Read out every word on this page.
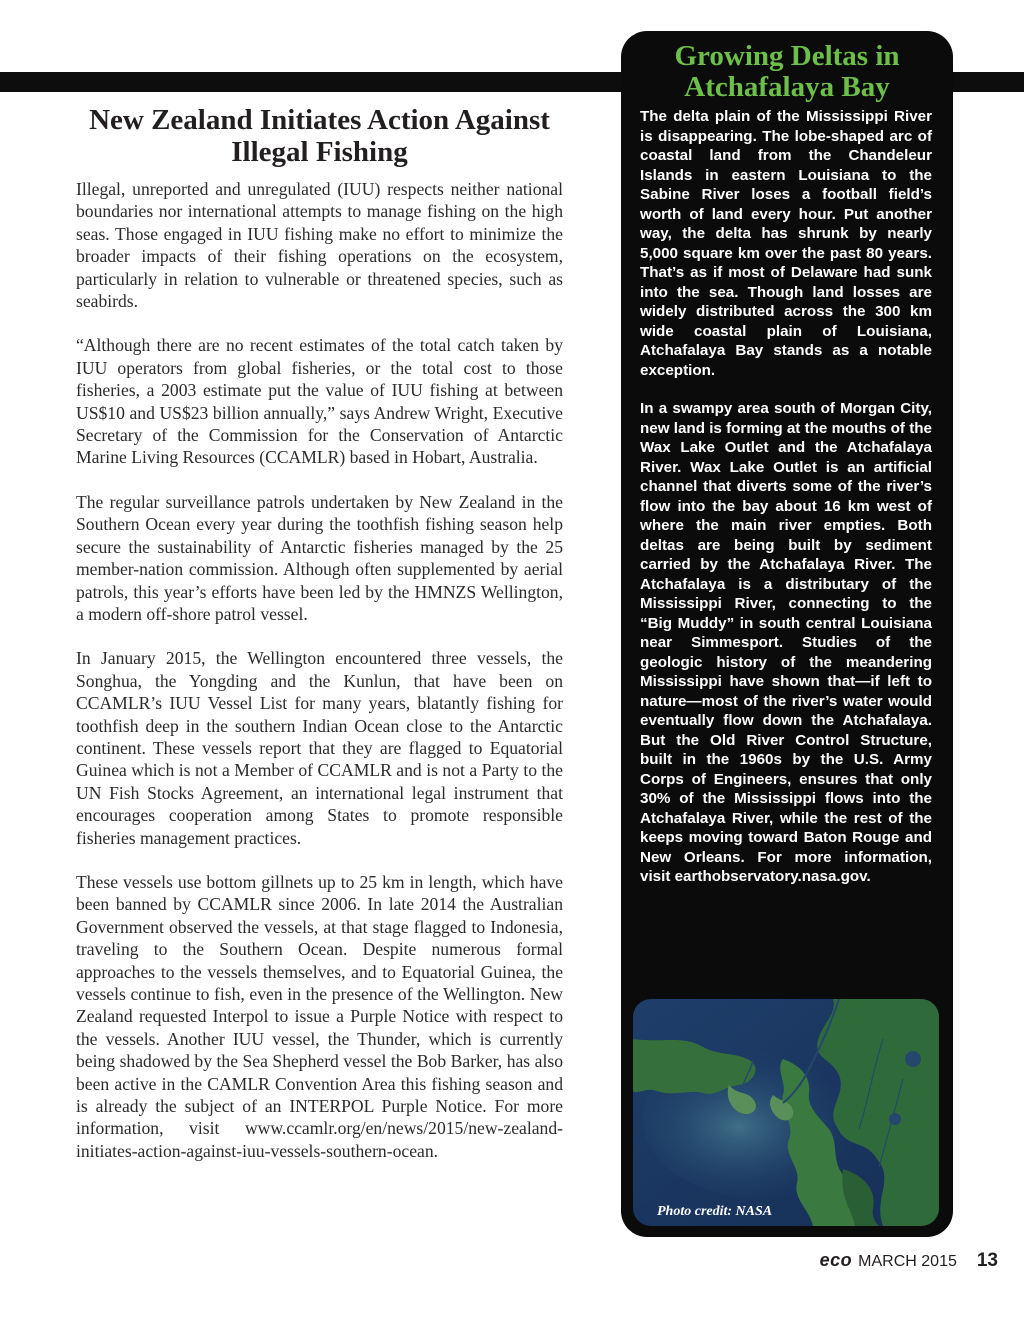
New Zealand Initiates Action Against Illegal Fishing

Illegal, unreported and unregulated (IUU) respects neither national boundaries nor international attempts to manage fishing on the high seas. Those engaged in IUU fishing make no effort to minimize the broader impacts of their fishing operations on the ecosystem, particularly in relation to vulnerable or threatened species, such as seabirds.

“Although there are no recent estimates of the total catch taken by IUU operators from global fisheries, or the total cost to those fisheries, a 2003 estimate put the value of IUU fishing at between US$10 and US$23 billion annually,” says Andrew Wright, Executive Secretary of the Commission for the Conservation of Antarctic Marine Living Resources (CCAMLR) based in Hobart, Australia.

The regular surveillance patrols undertaken by New Zealand in the Southern Ocean every year during the toothfish fishing season help secure the sustainability of Antarctic fisheries managed by the 25 member-nation commission. Although often supplemented by aerial patrols, this year’s efforts have been led by the HMNZS Wellington, a modern off-shore patrol vessel.

In January 2015, the Wellington encountered three vessels, the Songhua, the Yongding and the Kunlun, that have been on CCAMLR’s IUU Vessel List for many years, blatantly fishing for toothfish deep in the southern Indian Ocean close to the Antarctic continent. These vessels report that they are flagged to Equatorial Guinea which is not a Member of CCAMLR and is not a Party to the UN Fish Stocks Agreement, an international legal instrument that encourages cooperation among States to promote responsible fisheries management practices.

These vessels use bottom gillnets up to 25 km in length, which have been banned by CCAMLR since 2006. In late 2014 the Australian Government observed the vessels, at that stage flagged to Indonesia, traveling to the Southern Ocean. Despite numerous formal approaches to the vessels themselves, and to Equatorial Guinea, the vessels continue to fish, even in the presence of the Wellington. New Zealand requested Interpol to issue a Purple Notice with respect to the vessels. Another IUU vessel, the Thunder, which is currently being shadowed by the Sea Shepherd vessel the Bob Barker, has also been active in the CAMLR Convention Area this fishing season and is already the subject of an INTERPOL Purple Notice. For more information, visit www.ccamlr.org/en/news/2015/new-zealand-initiates-action-against-iuu-vessels-southern-ocean.

Growing Deltas in Atchafalaya Bay

The delta plain of the Mississippi River is disappearing. The lobe-shaped arc of coastal land from the Chandeleur Islands in eastern Louisiana to the Sabine River loses a football field’s worth of land every hour. Put another way, the delta has shrunk by nearly 5,000 square km over the past 80 years. That’s as if most of Delaware had sunk into the sea. Though land losses are widely distributed across the 300 km wide coastal plain of Louisiana, Atchafalaya Bay stands as a notable exception.

In a swampy area south of Morgan City, new land is forming at the mouths of the Wax Lake Outlet and the Atchafalaya River. Wax Lake Outlet is an artificial channel that diverts some of the river’s flow into the bay about 16 km west of where the main river empties. Both deltas are being built by sediment carried by the Atchafalaya River. The Atchafalaya is a distributary of the Mississippi River, connecting to the “Big Muddy” in south central Louisiana near Simmesport. Studies of the geologic history of the meandering Mississippi have shown that—if left to nature—most of the river’s water would eventually flow down the Atchafalaya. But the Old River Control Structure, built in the 1960s by the U.S. Army Corps of Engineers, ensures that only 30% of the Mississippi flows into the Atchafalaya River, while the rest of the keeps moving toward Baton Rouge and New Orleans. For more information, visit earthobservatory.nasa.gov.

Photo credit: NASA
eco MARCH 2015 13
